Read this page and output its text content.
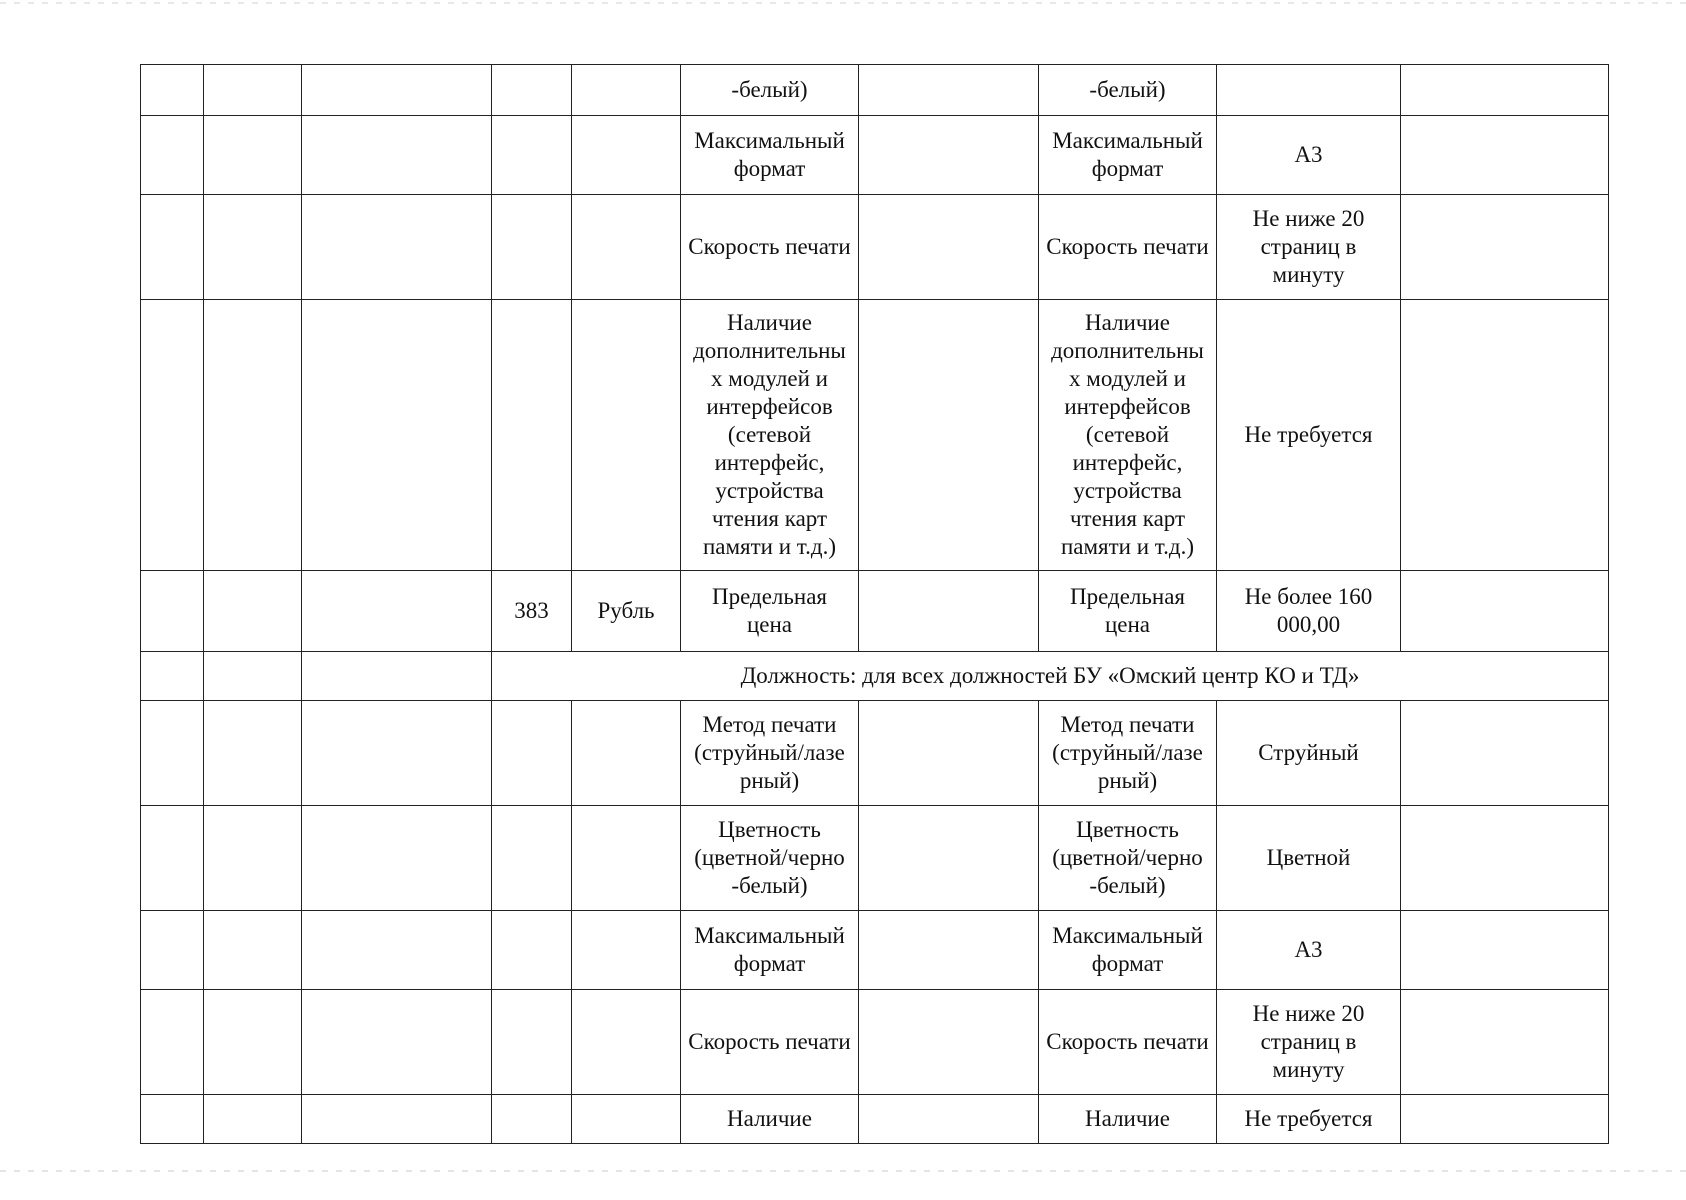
					-белый)		-белый)		
					Максимальный формат		Максимальный формат	А3	
					Скорость печати		Скорость печати	Не ниже 20 страниц в минуту	
					Наличие дополнительны х модулей и интерфейсов (сетевой интерфейс, устройства чтения карт памяти и т.д.)		Наличие дополнительны х модулей и интерфейсов (сетевой интерфейс, устройства чтения карт памяти и т.д.)	Не требуется	
			383	Рубль	Предельная цена		Предельная цена	Не более 160 000,00	
			Должность: для всех должностей БУ «Омский центр КО и ТД»						
					Метод печати (струйный/лазе рный)		Метод печати (струйный/лазе рный)	Струйный	
					Цветность (цветной/черно -белый)		Цветность (цветной/черно -белый)	Цветной	
					Максимальный формат		Максимальный формат	А3	
					Скорость печати		Скорость печати	Не ниже 20 страниц в минуту	
					Наличие		Наличие	Не требуется	
